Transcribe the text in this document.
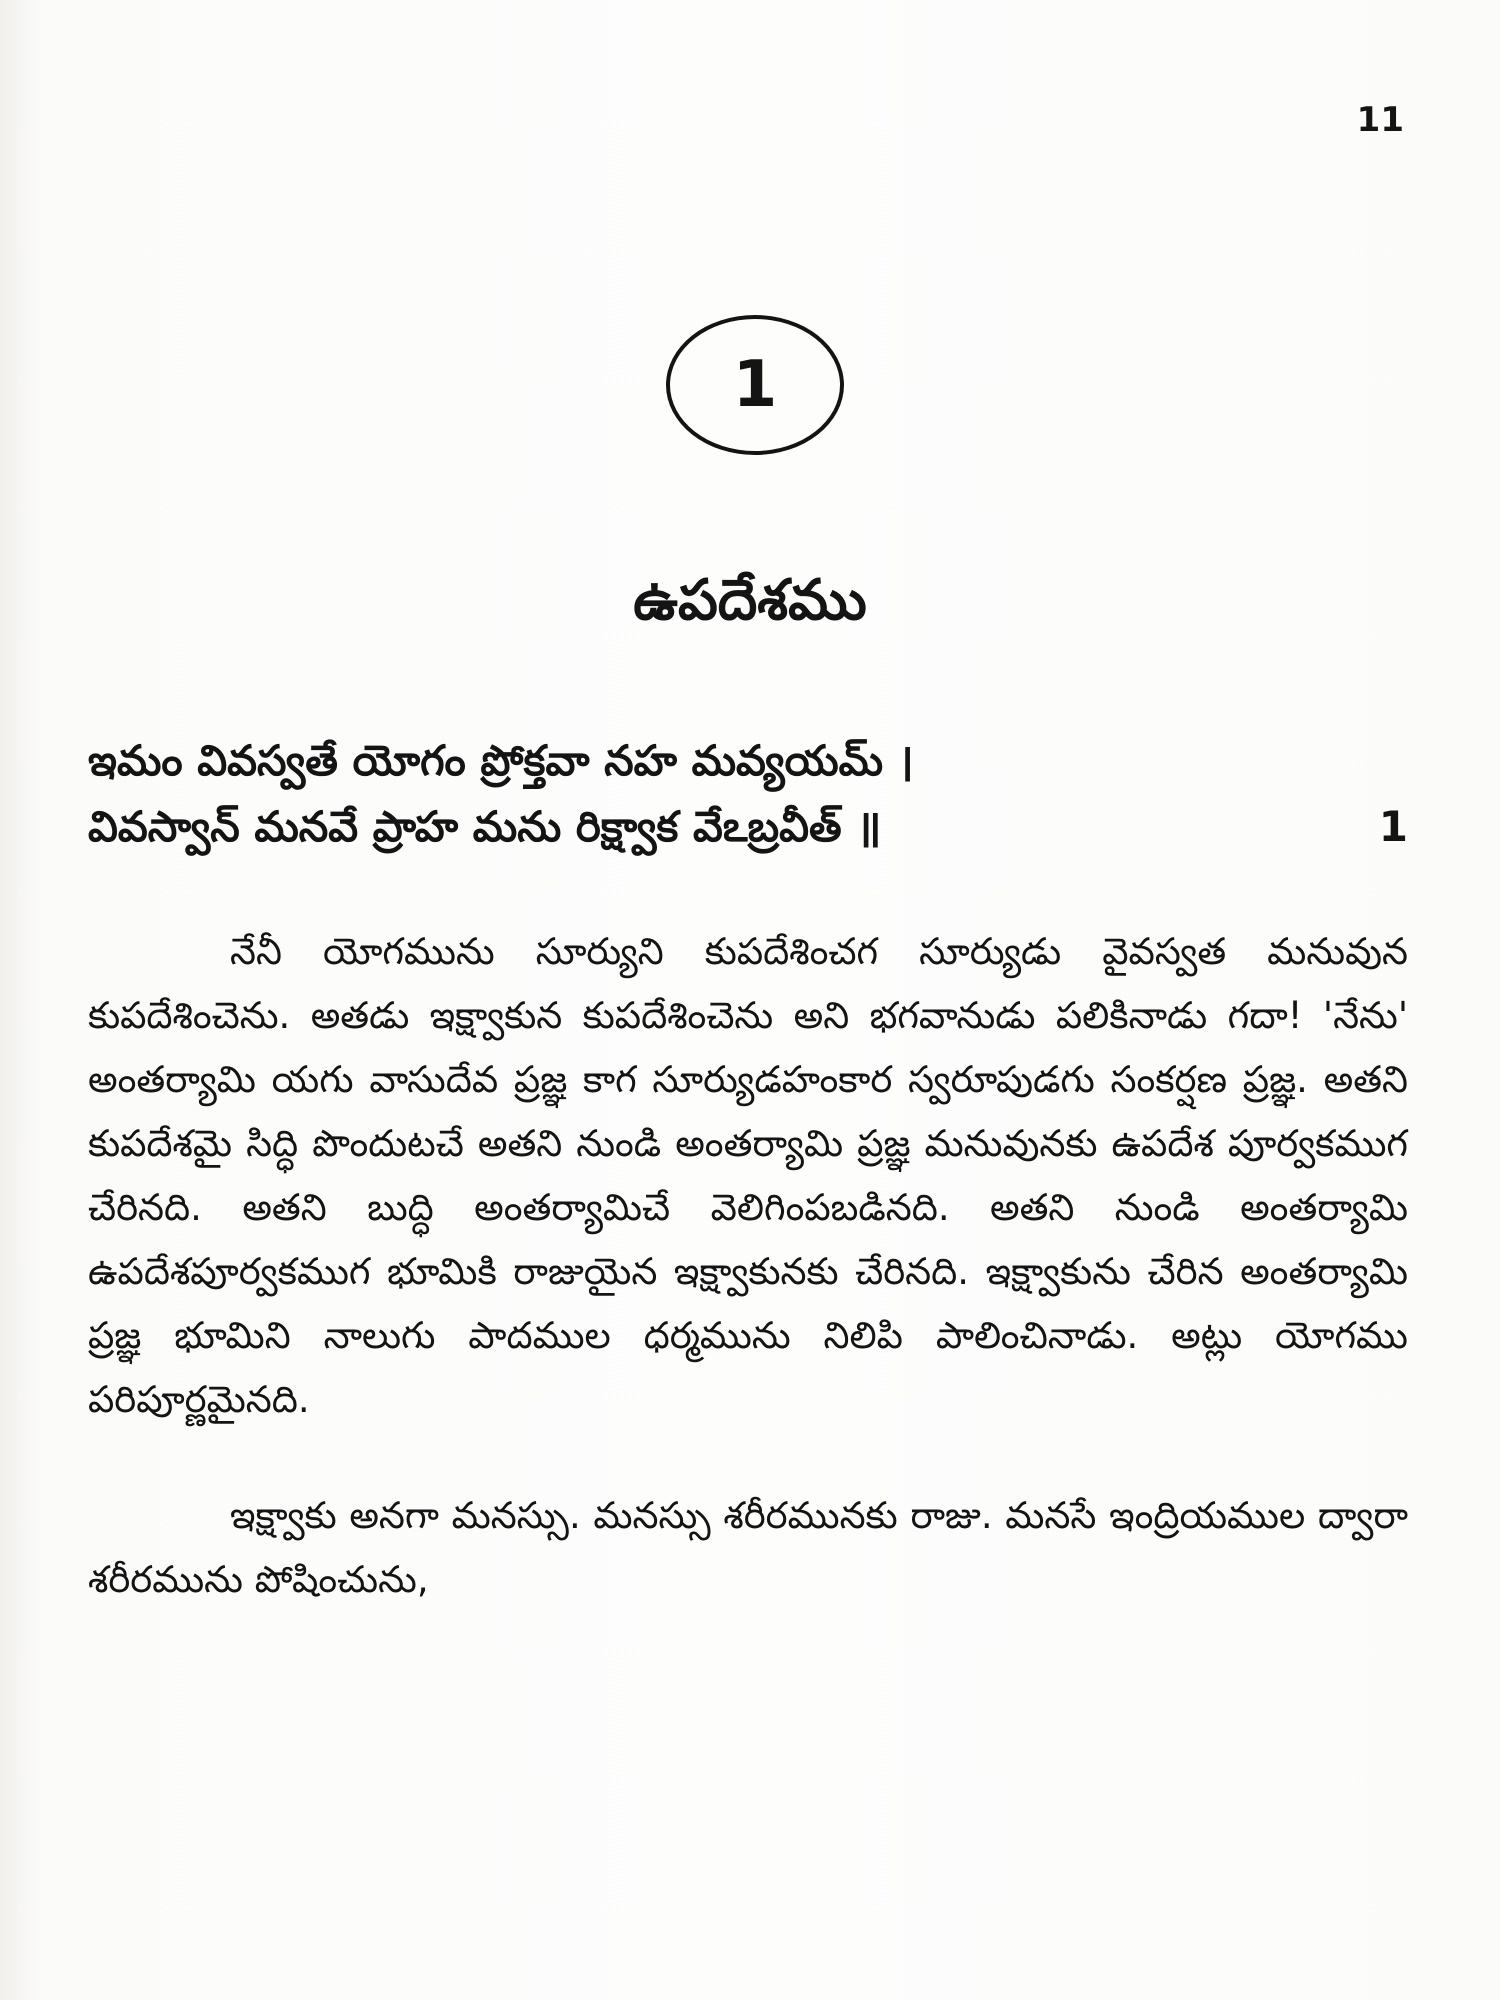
11
1
ఉపదేశము
ఇమం వివస్వతే యోగం ప్రోక్తవా నహ మవ్యయమ్ ।
వివస్వాన్ మనవే ప్రాహ మను రిక్ష్వాక వేఽబ్రవీత్ ॥	1

నేనీ యోగమును సూర్యుని కుపదేశించగ సూర్యుడు వైవస్వత మనువున కుపదేశించెను. అతడు ఇక్ష్వాకున కుపదేశించెను అని భగవానుడు పలికినాడు గదా! 'నేను' అంతర్యామి యగు వాసుదేవ ప్రజ్ఞ కాగ సూర్యుడహంకార స్వరూపుడగు సంకర్షణ ప్రజ్ఞ. అతని కుపదేశమై సిద్ధి పొందుటచే అతని నుండి అంతర్యామి ప్రజ్ఞ మనువునకు ఉపదేశ పూర్వకముగ చేరినది. అతని బుద్ధి అంతర్యామిచే వెలిగింపబడినది. అతని నుండి అంతర్యామి ఉపదేశపూర్వకముగ భూమికి రాజుయైన ఇక్ష్వాకునకు చేరినది. ఇక్ష్వాకును చేరిన అంతర్యామి ప్రజ్ఞ భూమిని నాలుగు పాదముల ధర్మమును నిలిపి పాలించినాడు. అట్లు యోగము పరిపూర్ణమైనది.

ఇక్ష్వాకు అనగా మనస్సు. మనస్సు శరీరమునకు రాజు. మనసే ఇంద్రియముల ద్వారా శరీరమును పోషించును,
